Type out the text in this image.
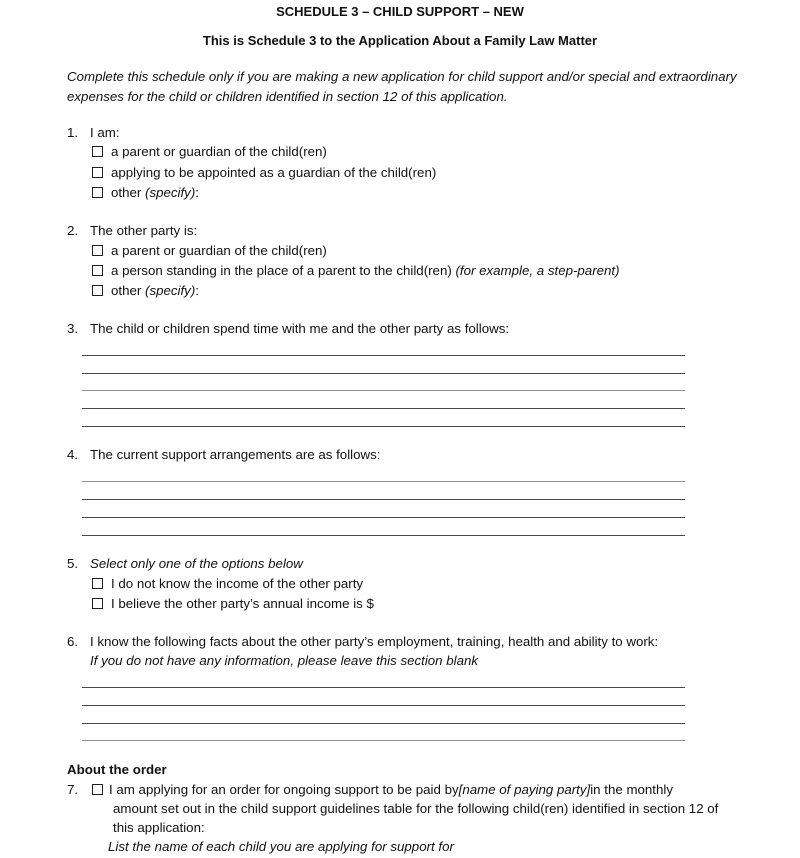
SCHEDULE 3 – CHILD SUPPORT – NEW
This is Schedule 3 to the Application About a Family Law Matter
Complete this schedule only if you are making a new application for child support and/or special and extraordinary expenses for the child or children identified in section 12 of this application.
1. I am:
a parent or guardian of the child(ren)
applying to be appointed as a guardian of the child(ren)
other
(specify) :
2. The other party is:
a parent or guardian of the child(ren)
a person standing in the place of a parent to the child(ren)
(for example, a step-parent)
other
(specify) :
3. The child or children spend time with me and the other party as follows:
4. The current support arrangements are as follows:
5. Select only one of the options below
I do not know the income of the other party
I believe the other party’s annual income is $
6. I know the following facts about the other party’s employment, training, health and ability to work:
If you do not have any information, please leave this section blank
About the order
7. I am applying for an order for ongoing support to be paid by [name of paying party] in the monthly
amount set out in the child support guidelines table for the following child(ren) identified in section 12 of
this application:
List the name of each child you are applying for support for
